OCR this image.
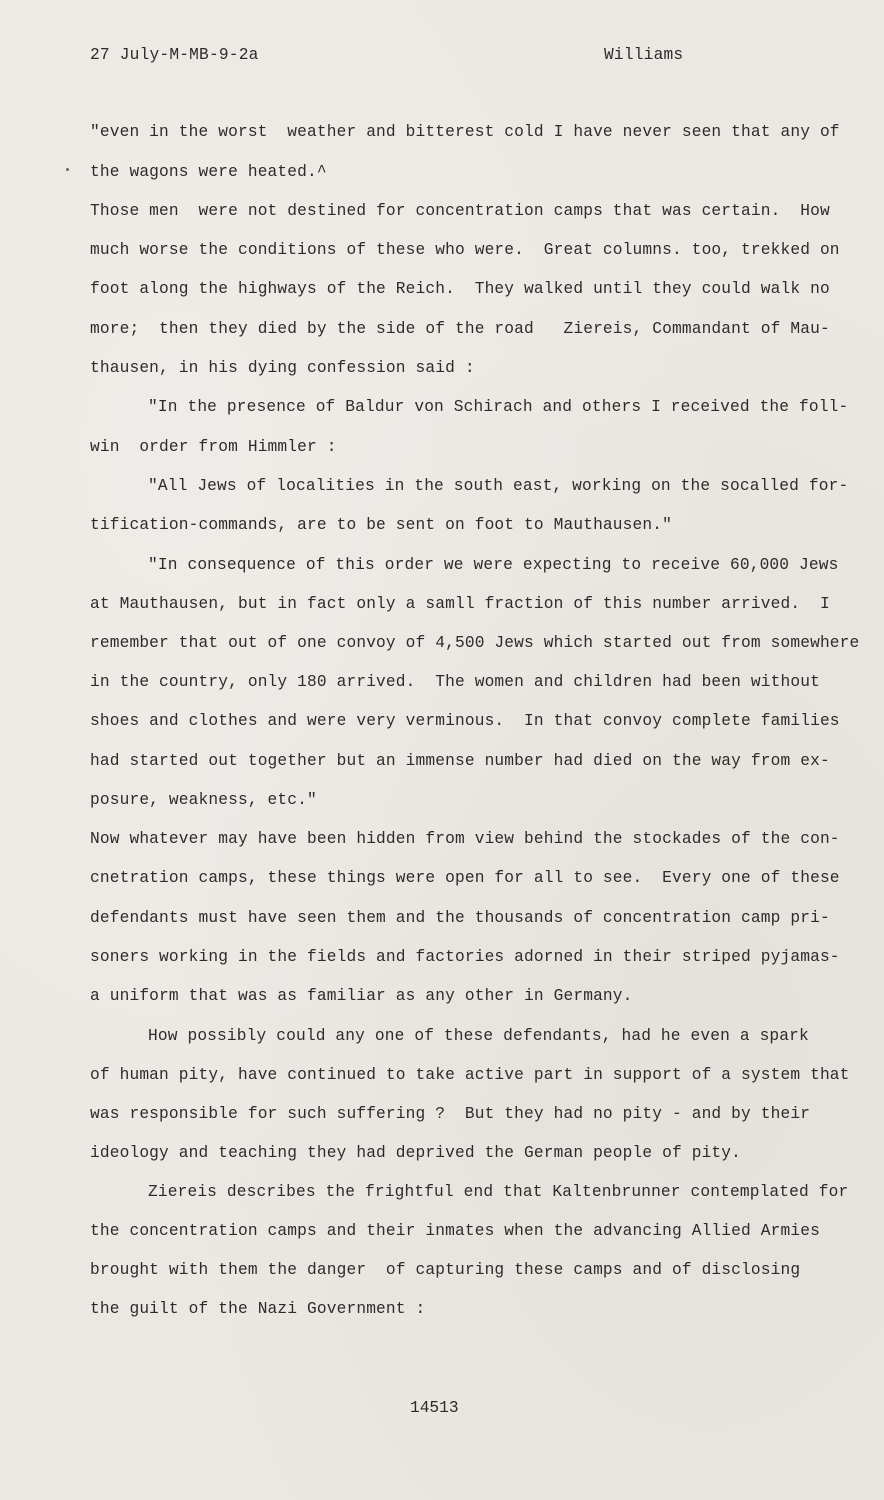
27 July-M-MB-9-2a	Williams
"even in the worst  weather and bitterest cold I have never seen that any of
the wagons were heated.^
Those men  were not destined for concentration camps that was certain.  How
much worse the conditions of these who were.  Great columns. too, trekked on
foot along the highways of the Reich.  They walked until they could walk no
more;  then they died by the side of the road   Ziereis, Commandant of Mau-
thausen, in his dying confession said :
"In the presence of Baldur von Schirach and others I received the foll-
win  order from Himmler :
"All Jews of localities in the south east, working on the socalled for-
tification-commands, are to be sent on foot to Mauthausen."
"In consequence of this order we were expecting to receive 60,000 Jews
at Mauthausen, but in fact only a samll fraction of this number arrived.  I
remember that out of one convoy of 4,500 Jews which started out from somewhere
in the country, only 180 arrived.  The women and children had been without
shoes and clothes and were very verminous.  In that convoy complete families
had started out together but an immense number had died on the way from ex-
posure, weakness, etc."
Now whatever may have been hidden from view behind the stockades of the con-
cnetration camps, these things were open for all to see.  Every one of these
defendants must have seen them and the thousands of concentration camp pri-
soners working in the fields and factories adorned in their striped pyjamas-
a uniform that was as familiar as any other in Germany.
How possibly could any one of these defendants, had he even a spark
of human pity, have continued to take active part in support of a system that
was responsible for such suffering ?  But they had no pity - and by their
ideology and teaching they had deprived the German people of pity.
Ziereis describes the frightful end that Kaltenbrunner contemplated for
the concentration camps and their inmates when the advancing Allied Armies
brought with them the danger  of capturing these camps and of disclosing
the guilt of the Nazi Government :
14513
